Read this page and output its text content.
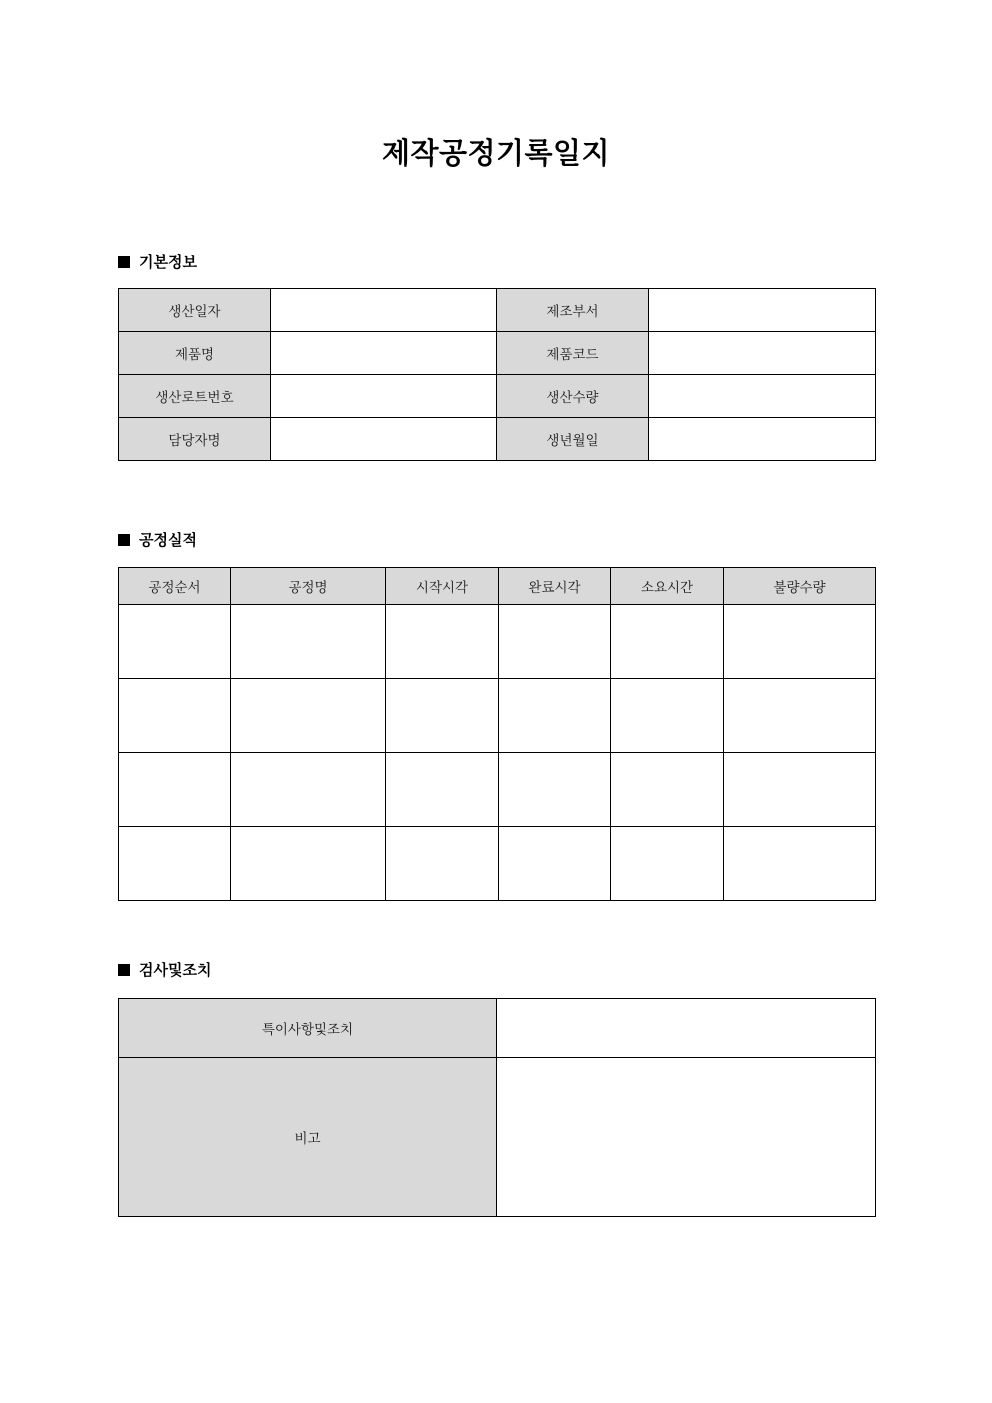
제작공정기록일지
기본정보
생산일자		제조부서	
제품명		제품코드	
생산로트번호		생산수량	
담당자명		생년월일	
공정실적
공정순서	공정명	시작시각	완료시각	소요시간	불량수량

검사및조치
특이사항및조치	
비고	
